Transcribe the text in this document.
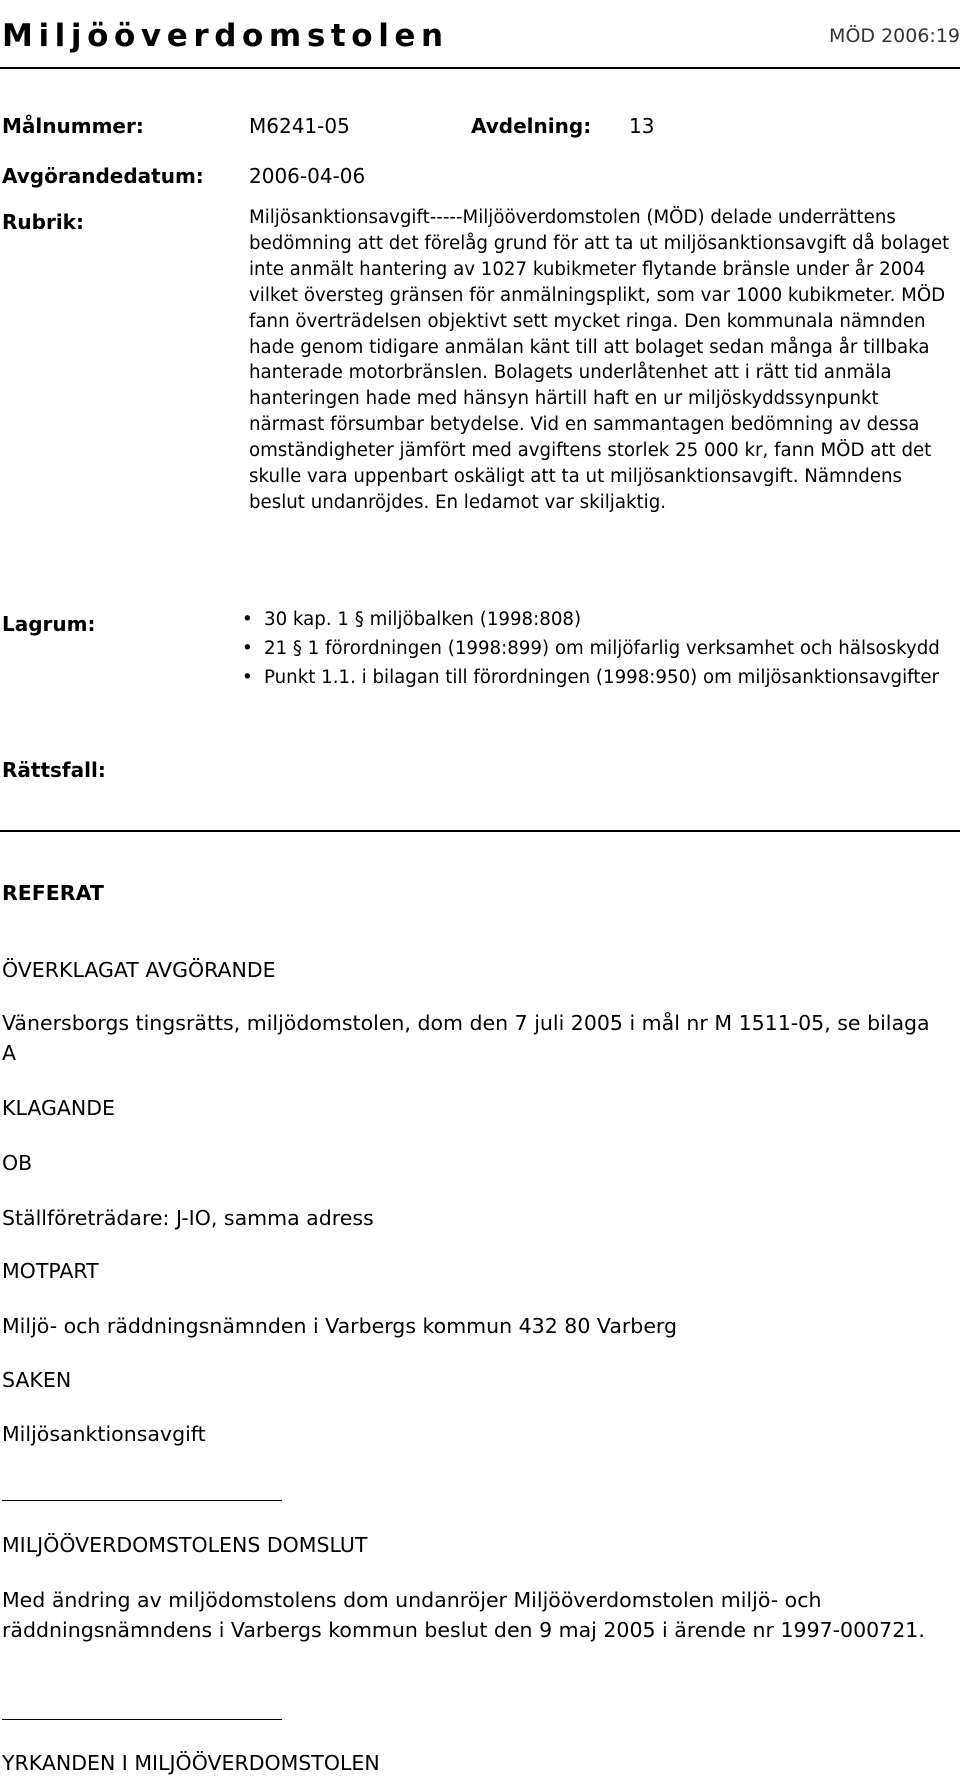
Miljööverdomstolen	MÖD 2006:19
Målnummer:	M6241-05	Avdelning: 13
Avgörandedatum: 2006-04-06
Rubrik:	Miljösanktionsavgift-----Miljööverdomstolen (MÖD) delade underrättens bedömning att det förelåg grund för att ta ut miljösanktionsavgift då bolaget inte anmält hantering av 1027 kubikmeter flytande bränsle under år 2004 vilket översteg gränsen för anmälningsplikt, som var 1000 kubikmeter. MÖD fann överträdelsen objektivt sett mycket ringa. Den kommunala nämnden hade genom tidigare anmälan känt till att bolaget sedan många år tillbaka hanterade motorbränslen. Bolagets underlåtenhet att i rätt tid anmäla hanteringen hade med hänsyn härtill haft en ur miljöskyddssynpunkt närmast försumbar betydelse. Vid en sammantagen bedömning av dessa omständigheter jämfört med avgiftens storlek 25 000 kr, fann MÖD att det skulle vara uppenbart oskäligt att ta ut miljösanktionsavgift. Nämndens beslut undanröjdes. En ledamot var skiljaktig.
Lagrum:	• 30 kap. 1 § miljöbalken (1998:808)
• 21 § 1 förordningen (1998:899) om miljöfarlig verksamhet och hälsoskydd
• Punkt 1.1. i bilagan till förordningen (1998:950) om miljösanktionsavgifter
Rättsfall:
REFERAT
ÖVERKLAGAT AVGÖRANDE
Vänersborgs tingsrätts, miljödomstolen, dom den 7 juli 2005 i mål nr M 1511-05, se bilaga A
KLAGANDE
OB
Ställföreträdare: J-IO, samma adress
MOTPART
Miljö- och räddningsnämnden i Varbergs kommun 432 80 Varberg
SAKEN
Miljösanktionsavgift
MILJÖÖVERDOMSTOLENS DOMSLUT
Med ändring av miljödomstolens dom undanröjer Miljööverdomstolen miljö- och räddningsnämndens i Varbergs kommun beslut den 9 maj 2005 i ärende nr 1997-000721.
YRKANDEN I MILJÖÖVERDOMSTOLEN
